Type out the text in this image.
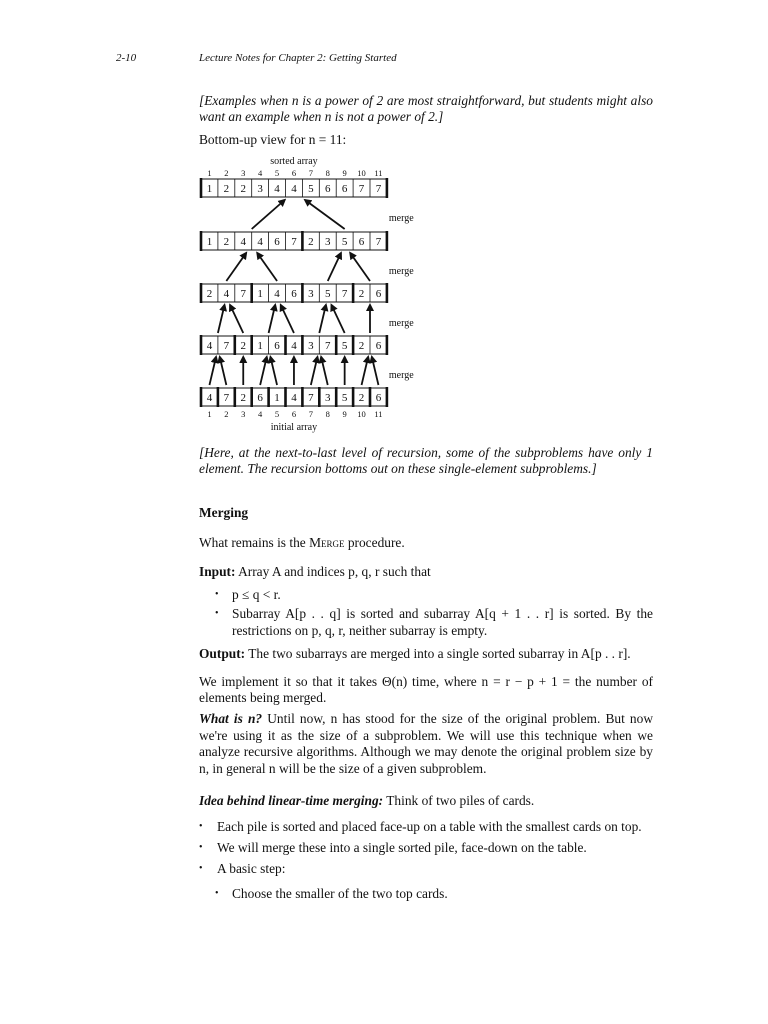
2-10	Lecture Notes for Chapter 2: Getting Started

[Examples when n is a power of 2 are most straightforward, but students might also want an example when n is not a power of 2.]

Bottom-up view for n = 11:

sorted array
1 2 3 4 5 6 7 8 9 10 11
1 2 2 3 4 4 5 6 6 7 7
1 2 4 4 6 7 2 3 5 6 7
2 4 7 1 4 6 3 5 7 2 6
4 7 2 1 6 4 3 7 5 2 6
4 7 2 6 1 4 7 3 5 2 6
1 2 3 4 5 6 7 8 9 10 11
initial array
merge
merge
merge
merge

[Here, at the next-to-last level of recursion, some of the subproblems have only 1 element. The recursion bottoms out on these single-element subproblems.]

Merging

What remains is the Merge procedure.

Input: Array A and indices p, q, r such that

• p ≤ q < r.
• Subarray A[p . . q] is sorted and subarray A[q + 1 . . r] is sorted. By the restrictions on p, q, r, neither subarray is empty.

Output: The two subarrays are merged into a single sorted subarray in A[p . . r].

We implement it so that it takes Θ(n) time, where n = r − p + 1 = the number of elements being merged.

What is n? Until now, n has stood for the size of the original problem. But now we're using it as the size of a subproblem. We will use this technique when we analyze recursive algorithms. Although we may denote the original problem size by n, in general n will be the size of a given subproblem.

Idea behind linear-time merging: Think of two piles of cards.

• Each pile is sorted and placed face-up on a table with the smallest cards on top.
• We will merge these into a single sorted pile, face-down on the table.
• A basic step:
• Choose the smaller of the two top cards.
